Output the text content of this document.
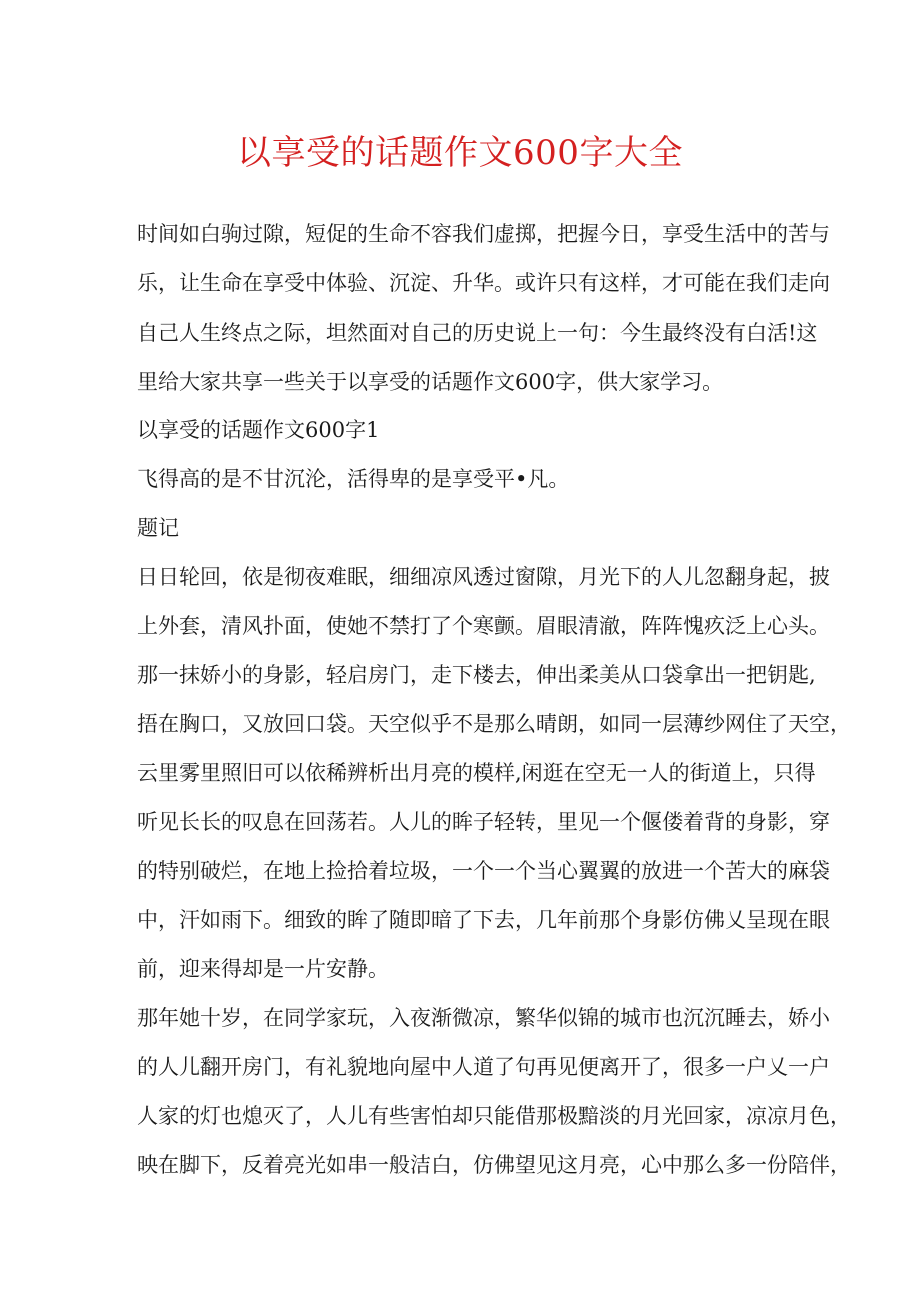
以享受的话题作文600字大全
时间如白驹过隙，短促的生命不容我们虚掷，把握今日，享受生活中的苦与
乐，让生命在享受中体验、沉淀、升华。或许只有这样，才可能在我们走向
自己人生终点之际，坦然面对自己的历史说上一句：今生最终没有白活!这
里给大家共享一些关于以享受的话题作文600字，供大家学习。
以享受的话题作文600字1
飞得高的是不甘沉沦，活得卑的是享受平•凡。
题记
日日轮回，依是彻夜难眠，细细凉风透过窗隙，月光下的人儿忽翻身起，披
上外套，清风扑面，使她不禁打了个寒颤。眉眼清澈，阵阵愧疚泛上心头。
那一抹娇小的身影，轻启房门，走下楼去，伸出柔美从口袋拿出一把钥匙,
捂在胸口，又放回口袋。天空似乎不是那么晴朗，如同一层薄纱网住了天空，
云里雾里照旧可以依稀辨析出月亮的模样,闲逛在空无一人的街道上，只得
听见长长的叹息在回荡若。人儿的眸子轻转，里见一个偃偻着背的身影，穿
的特别破烂，在地上捡拾着垃圾，一个一个当心翼翼的放进一个苦大的麻袋
中，汗如雨下。细致的眸了随即暗了下去，几年前那个身影仿佛乂呈现在眼
前，迎来得却是一片安静。
那年她十岁，在同学家玩，入夜渐微凉，繁华似锦的城市也沉沉睡去，娇小
的人儿翻开房门，有礼貌地向屋中人道了句再见便离开了，很多一户乂一户
人家的灯也熄灭了，人儿有些害怕却只能借那极黯淡的月光回家，凉凉月色，
映在脚下，反着亮光如串一般洁白，仿佛望见这月亮，心中那么多一份陪伴，
